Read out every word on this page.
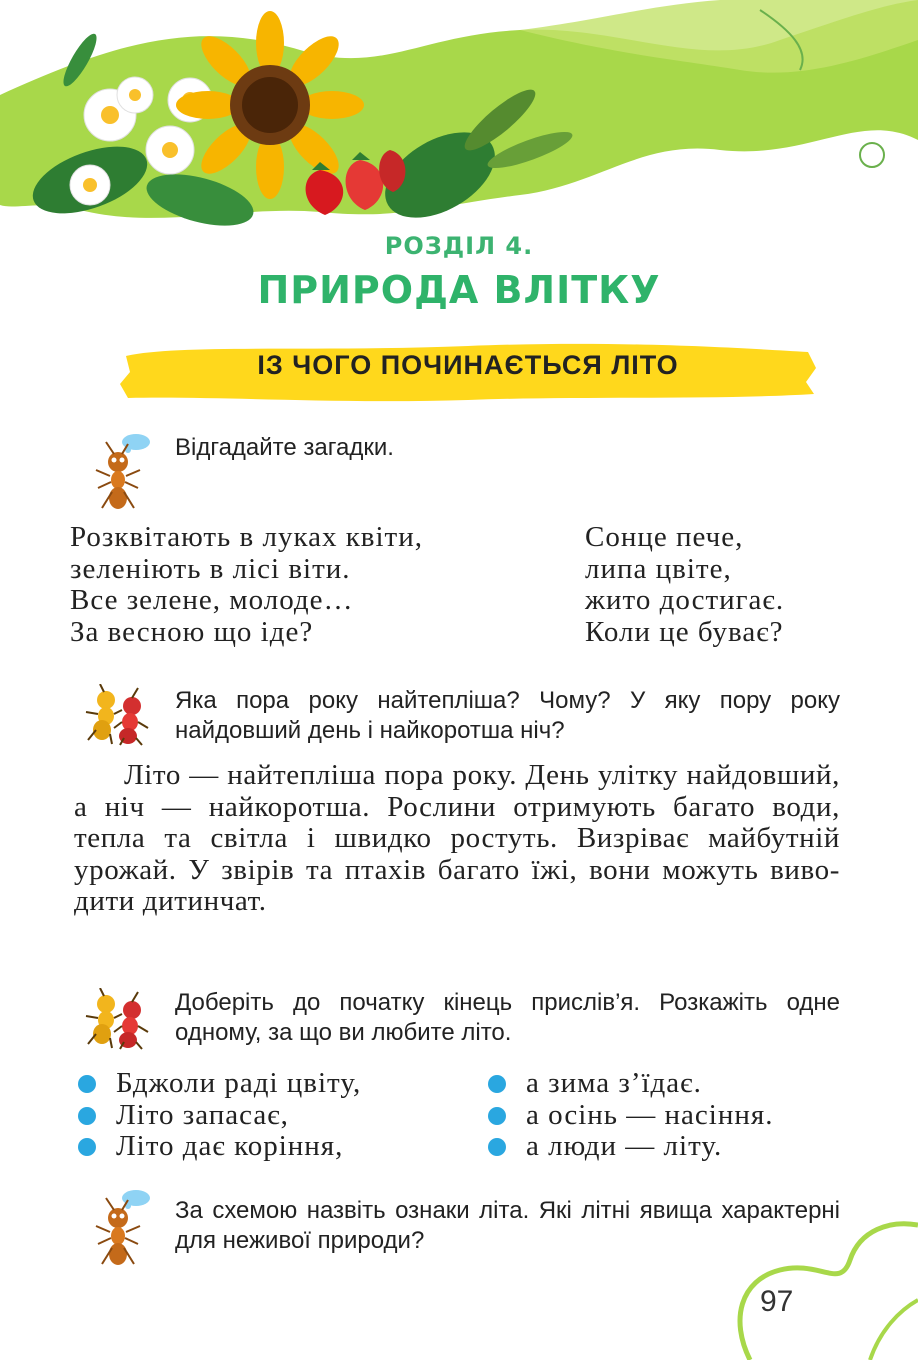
РОЗДІЛ 4.
ПРИРОДА ВЛІТКУ
ІЗ ЧОГО ПОЧИНАЄТЬСЯ ЛІТО
Відгадайте загадки.
Розквітають в луках квіти,
зеленіють в лісі віти.
Все зелене, молоде…
За весною що іде?
Сонце пече,
липа цвіте,
жито достигає.
Коли це буває?
Яка пора року найтепліша? Чому? У яку пору року найдовший день і найкоротша ніч?

Літо — найтепліша пора року. День улітку найдовший, а ніч — найкоротша. Рослини отримують багато води, тепла та світла і швидко ростуть. Визріває майбутній урожай. У звірів та птахів багато їжі, вони можуть виво-дити дитинчат.

Доберіть до початку кінець прислів’я. Розкажіть одне одному, за що ви любите літо.
Бджоли раді цвіту,
Літо запасає,
Літо дає коріння,
а зима з’їдає.
а осінь — насіння.
а люди — літу.
За схемою назвіть ознаки літа. Які літні явища характерні для неживої природи?
97
